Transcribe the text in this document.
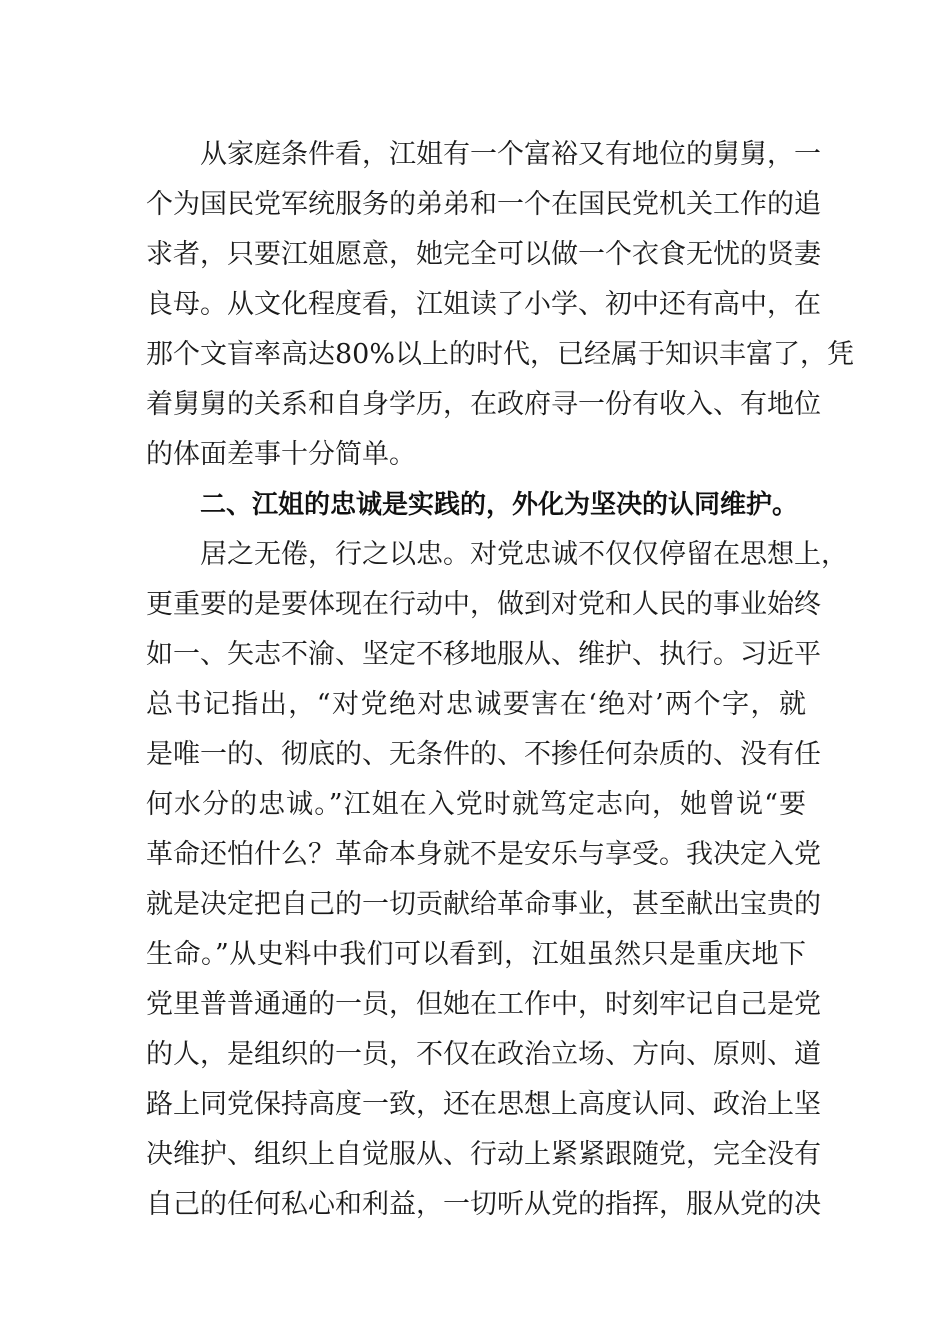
从家庭条件看，江姐有一个富裕又有地位的舅舅，一

个为国民党军统服务的弟弟和一个在国民党机关工作的追

求者，只要江姐愿意，她完全可以做一个衣食无忧的贤妻

良母。从文化程度看，江姐读了小学、初中还有高中，在

那个文盲率高达80%以上的时代，已经属于知识丰富了，凭

着舅舅的关系和自身学历，在政府寻一份有收入、有地位

的体面差事十分简单。

二、江姐的忠诚是实践的，外化为坚决的认同维护。

居之无倦，行之以忠。对党忠诚不仅仅停留在思想上，

更重要的是要体现在行动中，做到对党和人民的事业始终

如一、矢志不渝、坚定不移地服从、维护、执行。习近平

总书记指出，“对党绝对忠诚要害在‘绝对’两个字，就

是唯一的、彻底的、无条件的、不掺任何杂质的、没有任

何水分的忠诚。”江姐在入党时就笃定志向，她曾说“要

革命还怕什么？革命本身就不是安乐与享受。我决定入党

就是决定把自己的一切贡献给革命事业，甚至献出宝贵的

生命。”从史料中我们可以看到，江姐虽然只是重庆地下

党里普普通通的一员，但她在工作中，时刻牢记自己是党

的人，是组织的一员，不仅在政治立场、方向、原则、道

路上同党保持高度一致，还在思想上高度认同、政治上坚

决维护、组织上自觉服从、行动上紧紧跟随党，完全没有

自己的任何私心和利益，一切听从党的指挥，服从党的决
